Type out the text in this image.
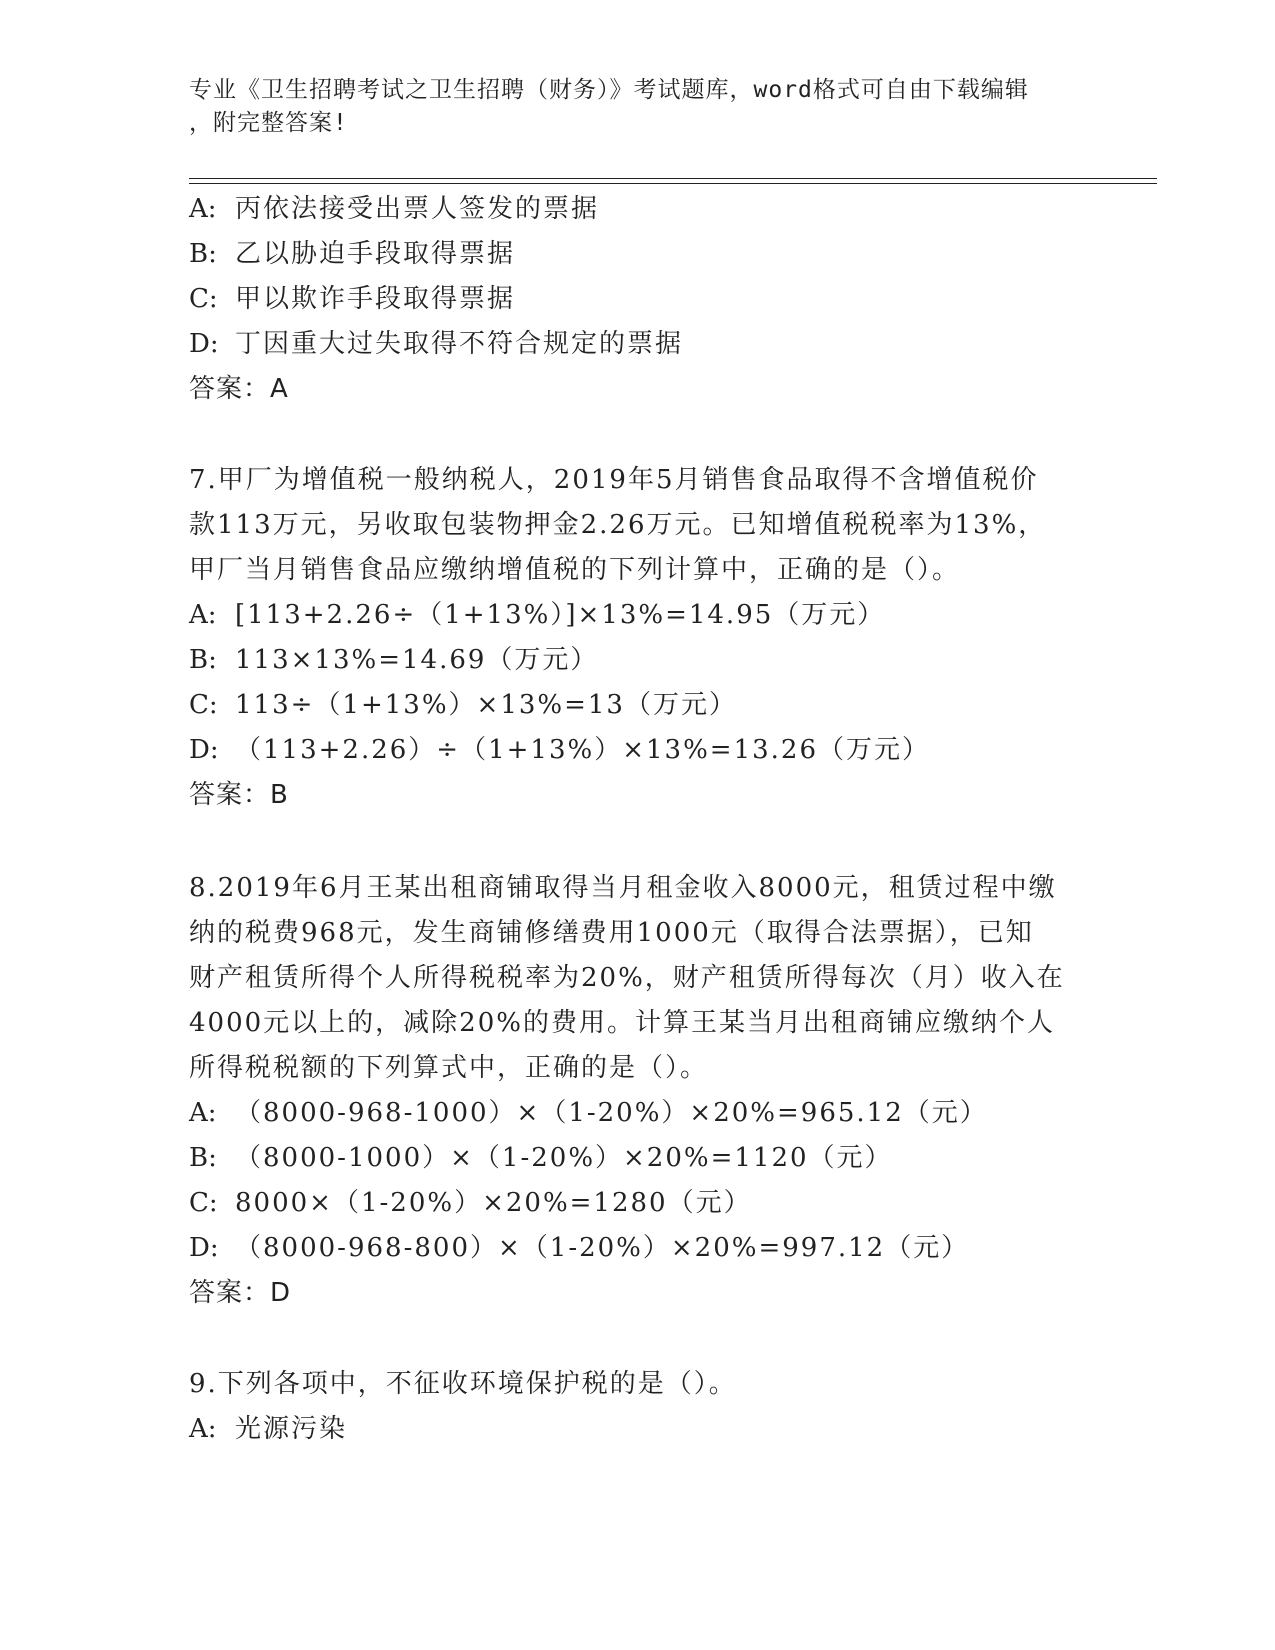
专业《卫生招聘考试之卫生招聘（财务）》考试题库，word格式可自由下载编辑
，附完整答案!
A: 丙依法接受出票人签发的票据
B: 乙以胁迫手段取得票据
C: 甲以欺诈手段取得票据
D: 丁因重大过失取得不符合规定的票据
答案：A
7.甲厂为增值税一般纳税人，2019年5月销售食品取得不含增值税价
款113万元，另收取包装物押金2.26万元。已知增值税税率为13%，
甲厂当月销售食品应缴纳增值税的下列计算中，正确的是（）。
A: [113+2.26÷（1+13%）]×13%=14.95（万元）
B: 113×13%=14.69（万元）
C: 113÷（1+13%）×13%=13（万元）
D: （113+2.26）÷（1+13%）×13%=13.26（万元）
答案：B
8.2019年6月王某出租商铺取得当月租金收入8000元，租赁过程中缴
纳的税费968元，发生商铺修缮费用1000元（取得合法票据），已知
财产租赁所得个人所得税税率为20%，财产租赁所得每次（月）收入在
4000元以上的，减除20%的费用。计算王某当月出租商铺应缴纳个人
所得税税额的下列算式中，正确的是（）。
A: （8000-968-1000）×（1-20%）×20%=965.12（元）
B: （8000-1000）×（1-20%）×20%=1120（元）
C: 8000×（1-20%）×20%=1280（元）
D: （8000-968-800）×（1-20%）×20%=997.12（元）
答案：D
9.下列各项中，不征收环境保护税的是（）。
A: 光源污染
